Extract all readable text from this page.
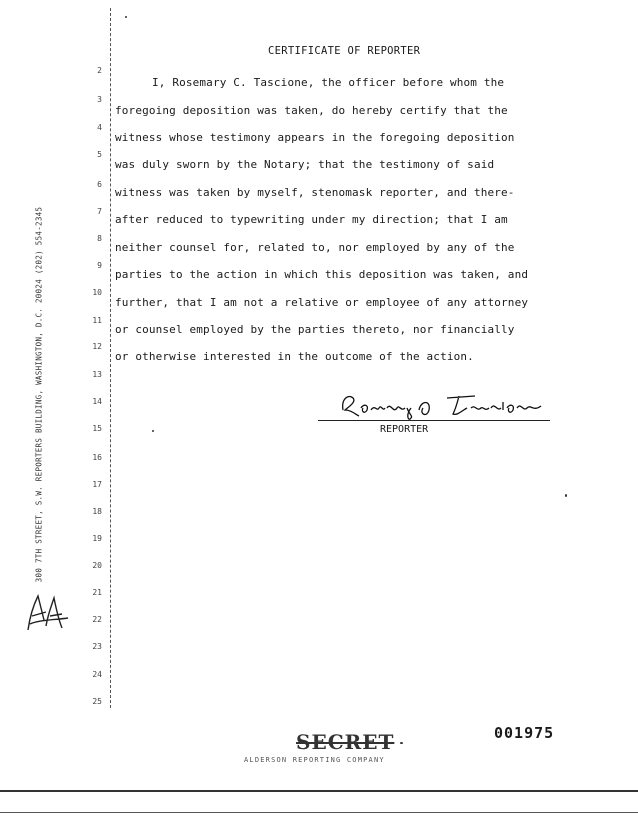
300 7TH STREET, S.W. REPORTERS BUILDING, WASHINGTON, D.C. 20024 (202) 554-2345
2
3
4
5
6
7
8
9
10
11
12
13
14
15
16
17
18
19
20
21
22
23
24
25
CERTIFICATE OF REPORTER
I, Rosemary C. Tascione, the officer before whom the
foregoing deposition was taken, do hereby certify that the
witness whose testimony appears in the foregoing deposition
was duly sworn by the Notary; that the testimony of said
witness was taken by myself, stenomask reporter, and there-
after reduced to typewriting under my direction; that I am
neither counsel for, related to, nor employed by any of the
parties to the action in which this deposition was taken, and
further, that I am not a relative or employee of any attorney
or counsel employed by the parties thereto, nor financially
or otherwise interested in the outcome of the action.
REPORTER
SECRET	001975
ALDERSON REPORTING COMPANY
